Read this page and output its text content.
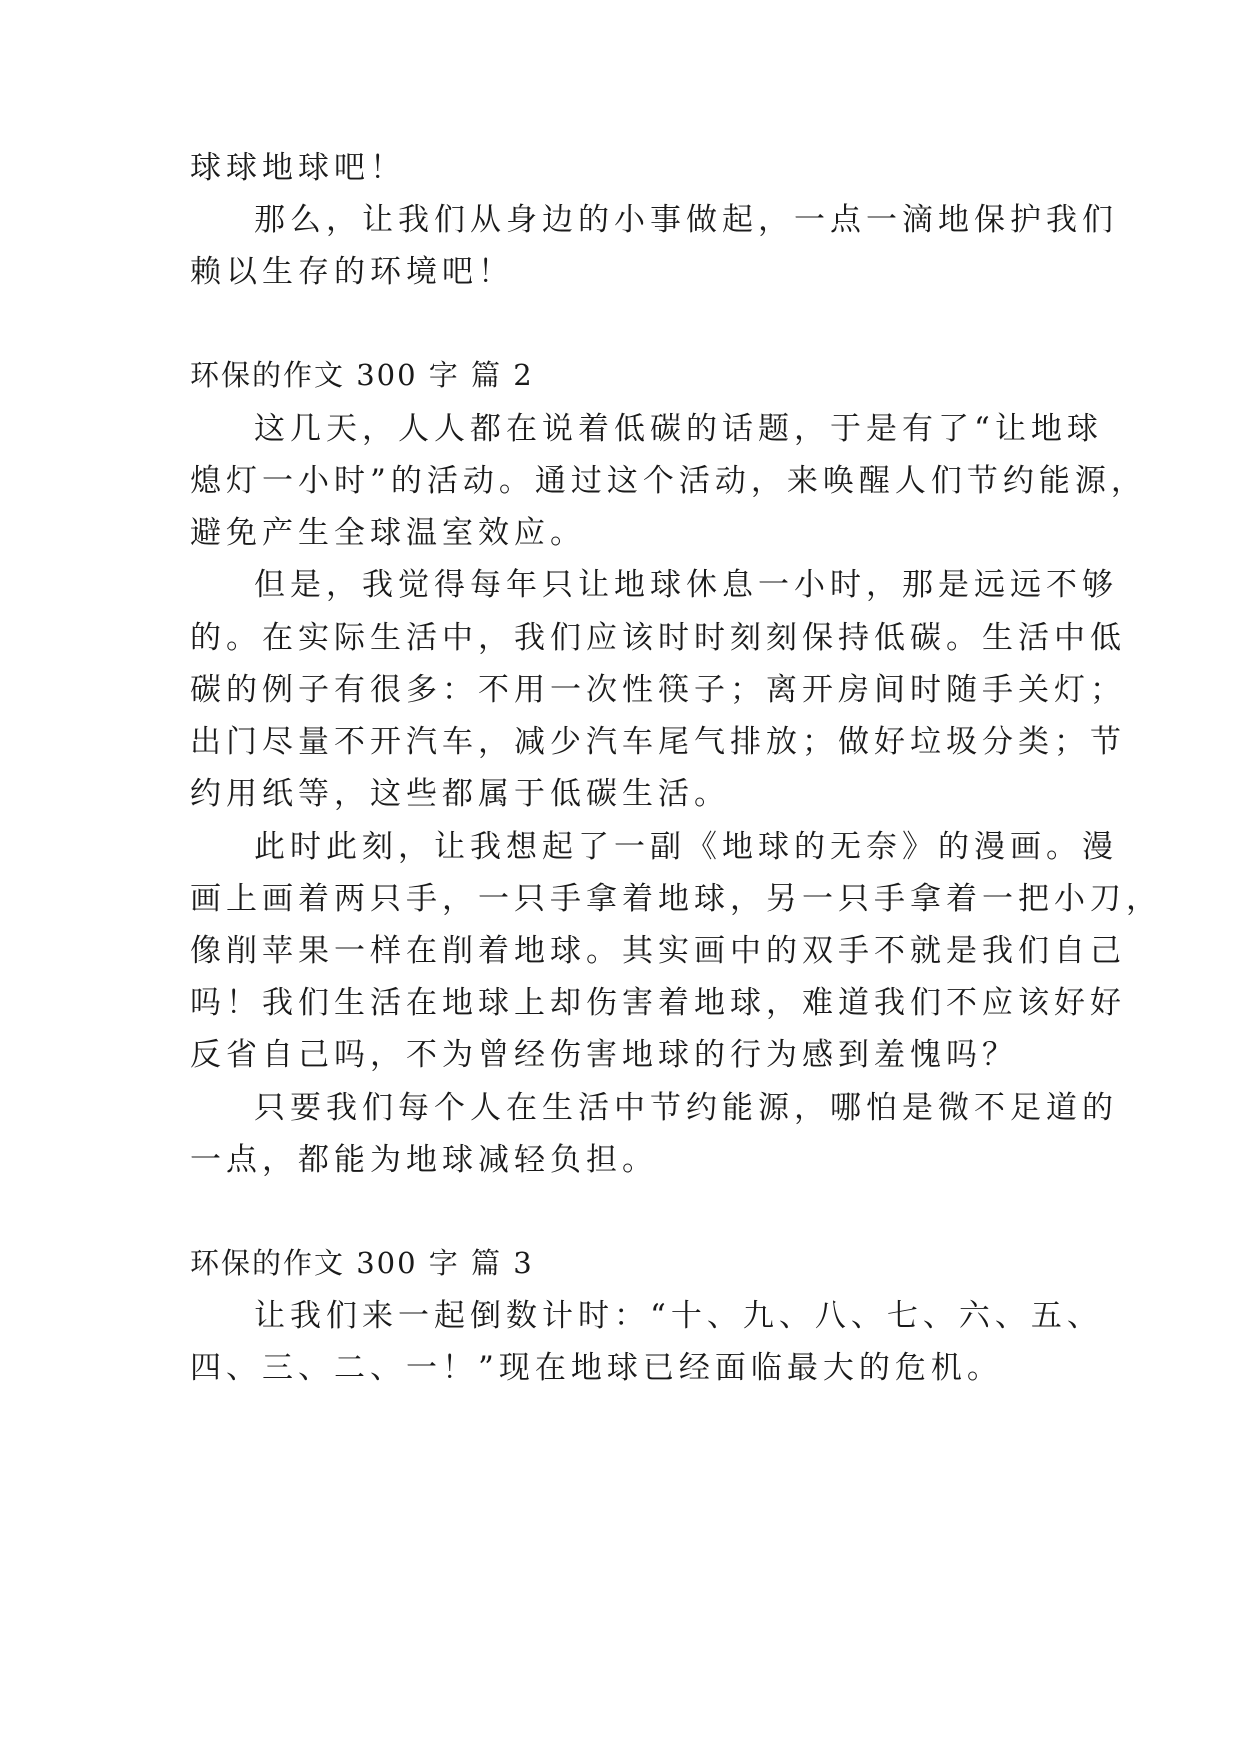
球球地球吧！
那么，让我们从身边的小事做起，一点一滴地保护我们
赖以生存的环境吧！
环保的作文 300 字 篇 2
这几天，人人都在说着低碳的话题，于是有了“让地球
熄灯一小时”的活动。通过这个活动，来唤醒人们节约能源，
避免产生全球温室效应。
但是，我觉得每年只让地球休息一小时，那是远远不够
的。在实际生活中，我们应该时时刻刻保持低碳。生活中低
碳的例子有很多：不用一次性筷子；离开房间时随手关灯；
出门尽量不开汽车，减少汽车尾气排放；做好垃圾分类；节
约用纸等，这些都属于低碳生活。
此时此刻，让我想起了一副《地球的无奈》的漫画。漫
画上画着两只手，一只手拿着地球，另一只手拿着一把小刀，
像削苹果一样在削着地球。其实画中的双手不就是我们自己
吗！我们生活在地球上却伤害着地球，难道我们不应该好好
反省自己吗，不为曾经伤害地球的行为感到羞愧吗？
只要我们每个人在生活中节约能源，哪怕是微不足道的
一点，都能为地球减轻负担。
环保的作文 300 字 篇 3
让我们来一起倒数计时：“十、九、八、七、六、五、
四、三、二、一！”现在地球已经面临最大的危机。
